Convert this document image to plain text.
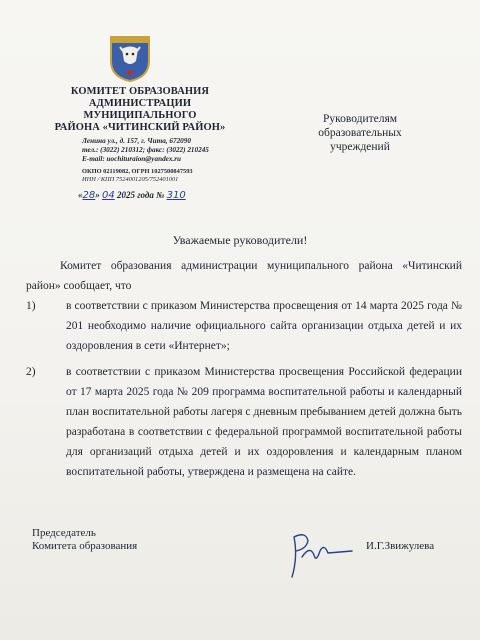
КОМИТЕТ ОБРАЗОВАНИЯ
АДМИНИСТРАЦИИ МУНИЦИПАЛЬНОГО
РАЙОНА «ЧИТИНСКИЙ РАЙОН»
Ленина ул., д. 157, г. Чита, 672090
тел.: (3022) 210312; факс: (3022) 210245
E-mail: uochituraion@yandex.ru
ОКПО 02119082, ОГРН 1027500847593
ИНН / КПП 7524001205/752401001
«28» 04 2025 года № 310
Руководителям
образовательных
учреждений
Уважаемые руководители!

Комитет образования администрации муниципального района «Читинский район» сообщает, что

1)	в соответствии с приказом Министерства просвещения от 14 марта 2025 года № 201 необходимо наличие официального сайта организации отдыха детей и их оздоровления в сети «Интернет»;
2)	в соответствии с приказом Министерства просвещения Российской федерации от 17 марта 2025 года № 209 программа воспитательной работы и календарный план воспитательной работы лагеря с дневным пребыванием детей должна быть разработана в соответствии с федеральной программой воспитательной работы для организаций отдыха детей и их оздоровления и календарным планом воспитательной работы, утверждена и размещена на сайте.
Председатель
Комитета образования	И.Г.Звижулева
